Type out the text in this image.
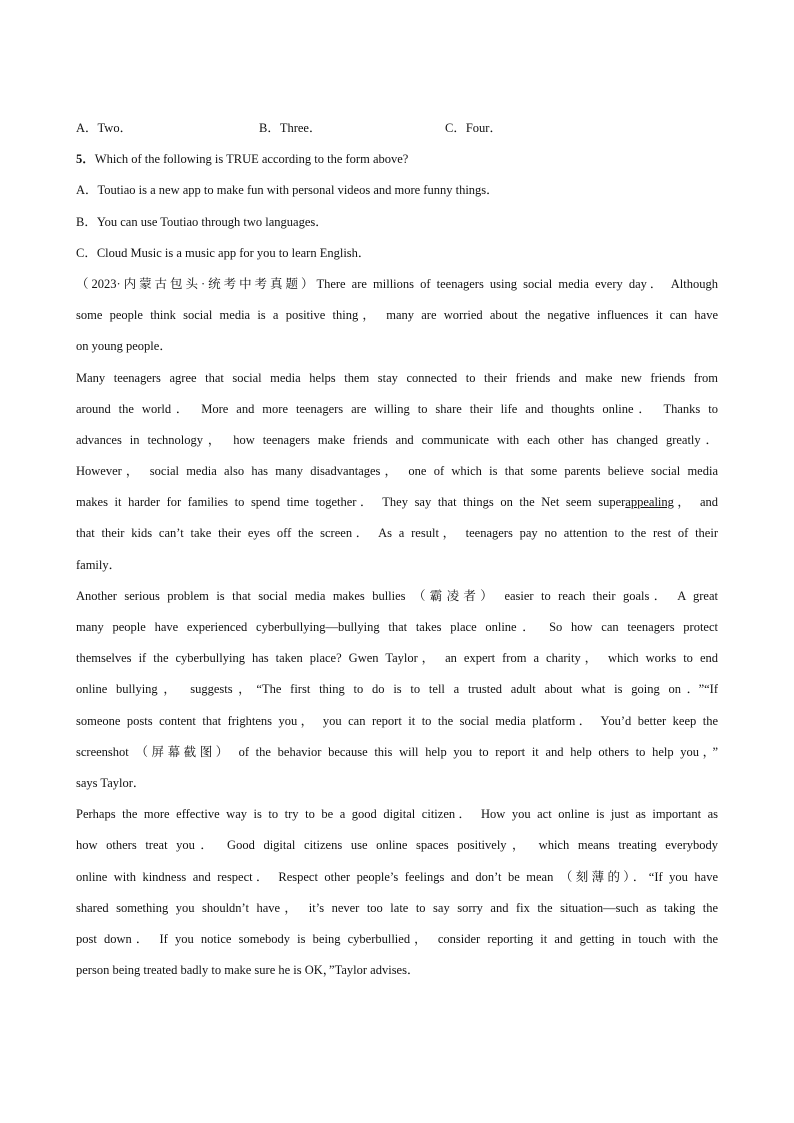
A．Two．	B．Three．	C．Four．
5．Which of the following is TRUE according to the form above?
A．Toutiao is a new app to make fun with personal videos and more funny things．
B．You can use Toutiao through two languages．
C．Cloud Music is a music app for you to learn English．
（2023·内蒙古包头·统考中考真题）There are millions of teenagers using social media every day． Although
some people think social media is a positive thing， many are worried about the negative influences it can have
on young people．
Many teenagers agree that social media helps them stay connected to their friends and make new friends from
around the world． More and more teenagers are willing to share their life and thoughts online． Thanks to
advances in technology， how teenagers make friends and communicate with each other has changed greatly．
However， social media also has many disadvantages， one of which is that some parents believe social media
makes it harder for families to spend time together． They say that things on the Net seem superappealing， and
that their kids can’t take their eyes off the screen． As a result， teenagers pay no attention to the rest of their
family．
Another serious problem is that social media makes bullies （霸凌者） easier to reach their goals． A great
many people have experienced cyberbullying—bullying that takes place online． So how can teenagers protect
themselves if the cyberbullying has taken place? Gwen Taylor， an expert from a charity， which works to end
online bullying， suggests，“The first thing to do is to tell a trusted adult about what is going on．”“If
someone posts content that frightens you， you can report it to the social media platform． You’d better keep the
screenshot （屏幕截图） of the behavior because this will help you to report it and help others to help you，”
says Taylor．
Perhaps the more effective way is to try to be a good digital citizen． How you act online is just as important as
how others treat you． Good digital citizens use online spaces positively， which means treating everybody
online with kindness and respect． Respect other people’s feelings and don’t be mean （刻薄的）．“If you have
shared something you shouldn’t have， it’s never too late to say sorry and fix the situation—such as taking the
post down． If you notice somebody is being cyberbullied， consider reporting it and getting in touch with the
person being treated badly to make sure he is OK，”Taylor advises．
